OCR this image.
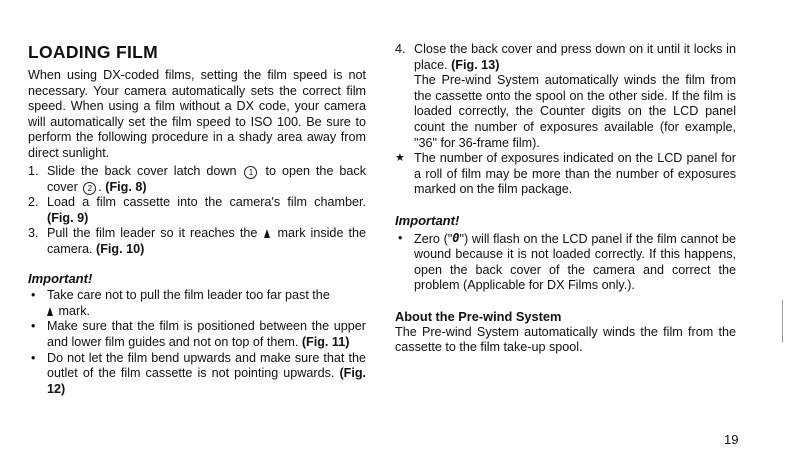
LOADING FILM

When using DX-coded films, setting the film speed is not necessary. Your camera automatically sets the correct film speed. When using a film without a DX code, your camera will automatically set the film speed to ISO 100. Be sure to perform the following procedure in a shady area away from direct sunlight.

1. Slide the back cover latch down 1 to open the back cover 2 . (Fig. 8)
2. Load a film cassette into the camera's film chamber. (Fig. 9)
3. Pull the film leader so it reaches the mark inside the camera. (Fig. 10)
Important!
• Take care not to pull the film leader too far past the
mark.
• Make sure that the film is positioned between the upper and lower film guides and not on top of them. (Fig. 11)
• Do not let the film bend upwards and make sure that the outlet of the film cassette is not pointing upwards. (Fig. 12)
4. Close the back cover and press down on it until it locks in place. (Fig. 13)
The Pre-wind System automatically winds the film from the cassette onto the spool on the other side. If the film is loaded correctly, the Counter digits on the LCD panel count the number of exposures available (for example, "36" for 36-frame film).
★ The number of exposures indicated on the LCD panel for a roll of film may be more than the number of exposures marked on the film package.
Important!
• Zero ("0") will flash on the LCD panel if the film cannot be wound because it is not loaded correctly. If this happens, open the back cover of the camera and correct the problem (Applicable for DX Films only.).
About the Pre-wind System
The Pre-wind System automatically winds the film from the cassette to the film take-up spool.
19
